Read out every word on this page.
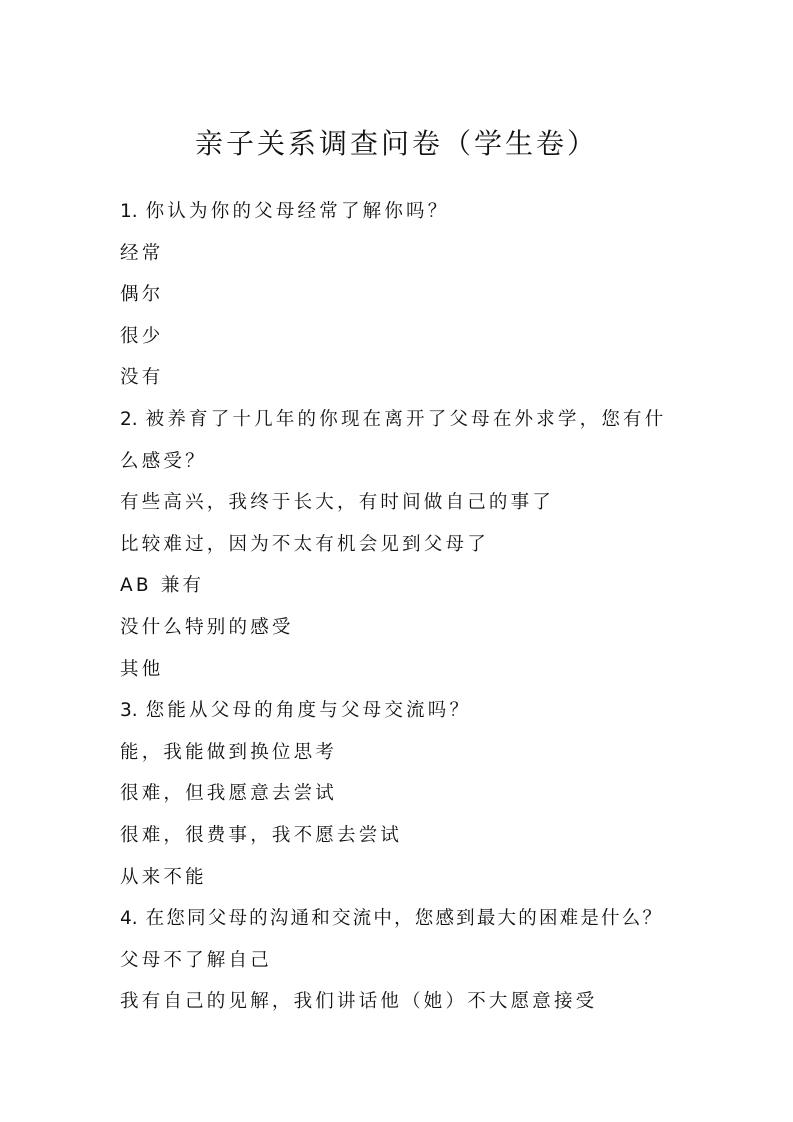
亲子关系调查问卷（学生卷）

1. 你认为你的父母经常了解你吗？

经常

偶尔

很少

没有

2. 被养育了十几年的你现在离开了父母在外求学，您有什么感受？

有些高兴，我终于长大，有时间做自己的事了

比较难过，因为不太有机会见到父母了

AB 兼有

没什么特别的感受

其他

3. 您能从父母的角度与父母交流吗？

能，我能做到换位思考

很难，但我愿意去尝试

很难，很费事，我不愿去尝试

从来不能

4. 在您同父母的沟通和交流中，您感到最大的困难是什么？

父母不了解自己

我有自己的见解，我们讲话他（她）不大愿意接受
